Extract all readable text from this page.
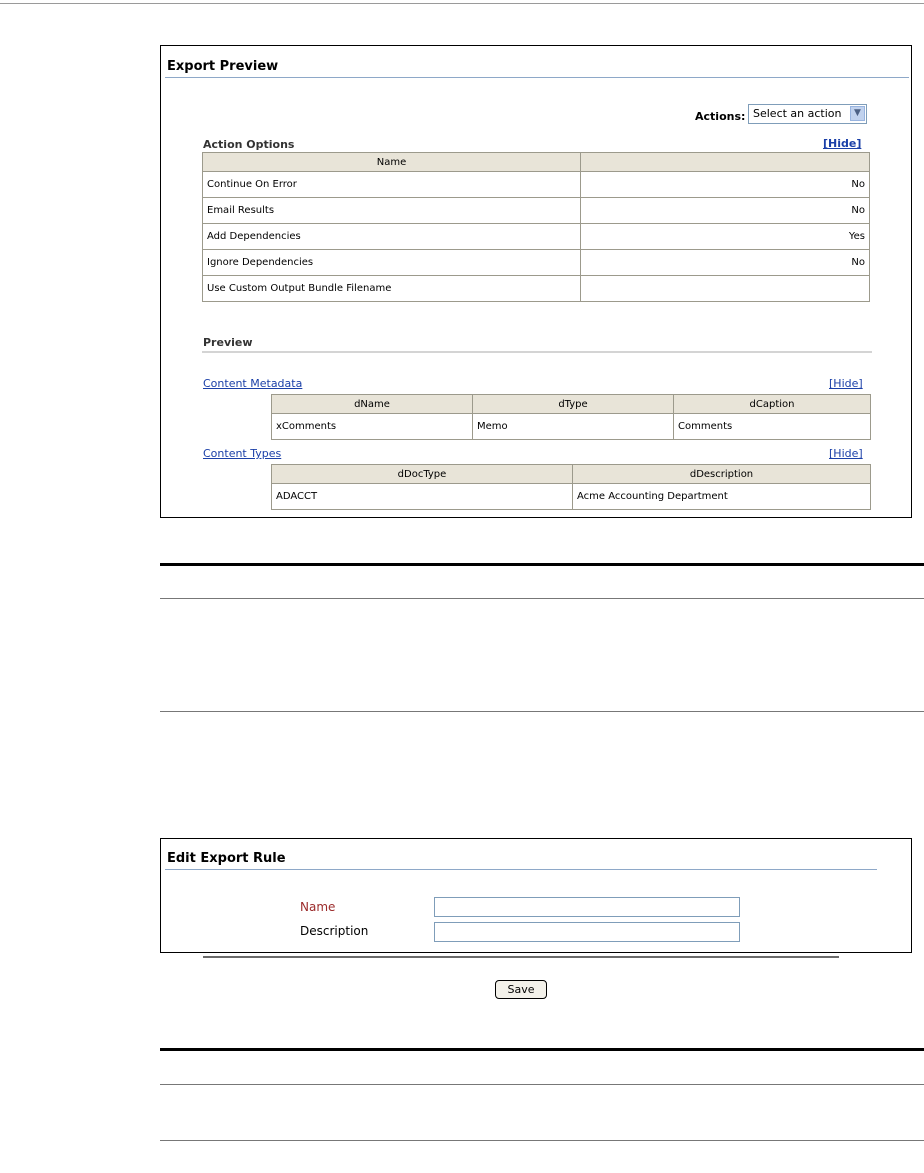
Export Preview
Actions: Select an action	▼
Action Options	[Hide]
Name	
Continue On Error	No
Email Results	No
Add Dependencies	Yes
Ignore Dependencies	No
Use Custom Output Bundle Filename	
Preview
Content Metadata	[Hide]
dName	dType	dCaption
xComments	Memo	Comments
Content Types	[Hide]
dDocType	dDescription
ADACCT	Acme Accounting Department
Edit Export Rule
Name
Description
Save
